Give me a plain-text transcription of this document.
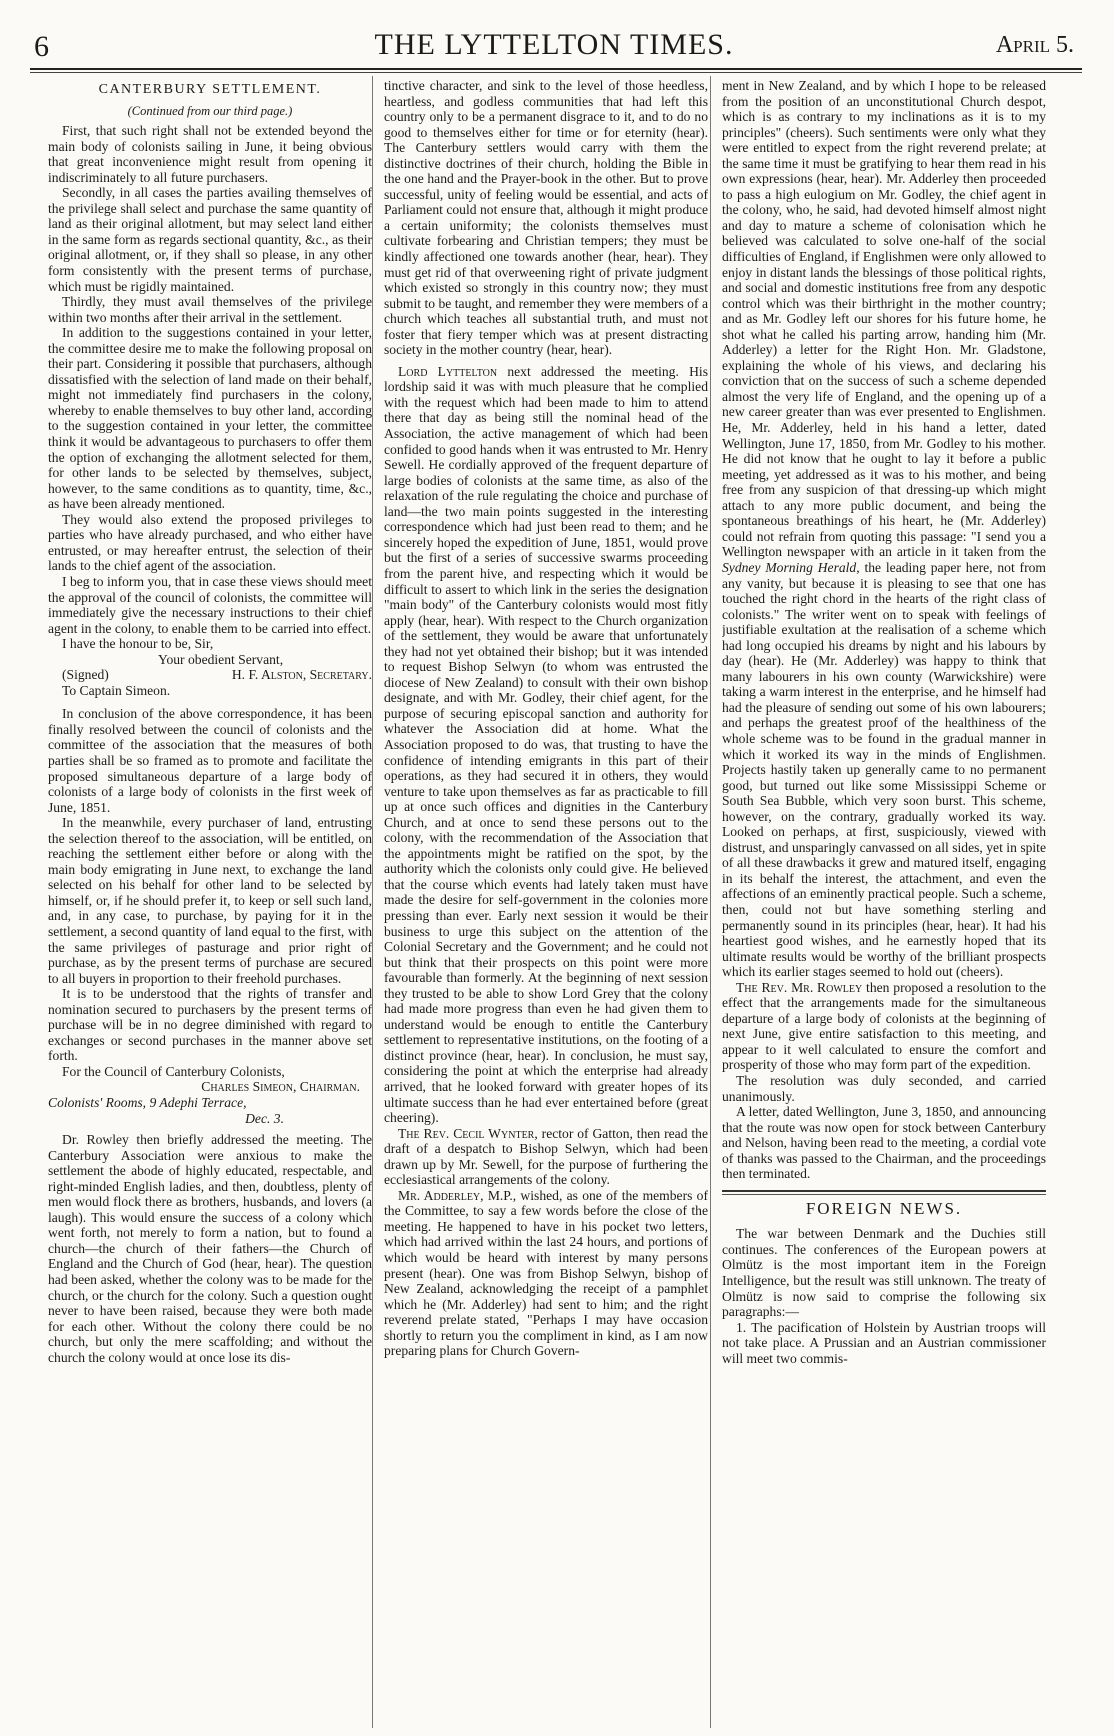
6	THE LYTTELTON TIMES.	April 5.
CANTERBURY SETTLEMENT.
(Continued from our third page.)

First, that such right shall not be extended beyond the main body of colonists sailing in June, it being obvious that great inconvenience might result from opening it indiscriminately to all future purchasers.

Secondly, in all cases the parties availing themselves of the privilege shall select and purchase the same quantity of land as their original allotment, but may select land either in the same form as regards sectional quantity, &c., as their original allotment, or, if they shall so please, in any other form consistently with the present terms of purchase, which must be rigidly maintained.

Thirdly, they must avail themselves of the privilege within two months after their arrival in the settlement.

In addition to the suggestions contained in your letter, the committee desire me to make the following proposal on their part. Considering it possible that purchasers, although dissatisfied with the selection of land made on their behalf, might not immediately find purchasers in the colony, whereby to enable themselves to buy other land, according to the suggestion contained in your letter, the committee think it would be advantageous to purchasers to offer them the option of exchanging the allotment selected for them, for other lands to be selected by themselves, subject, however, to the same conditions as to quantity, time, &c., as have been already mentioned.

They would also extend the proposed privileges to parties who have already purchased, and who either have entrusted, or may hereafter entrust, the selection of their lands to the chief agent of the association.

I beg to inform you, that in case these views should meet the approval of the council of colonists, the committee will immediately give the necessary instructions to their chief agent in the colony, to enable them to be carried into effect.

I have the honour to be, Sir,
Your obedient Servant,
(Signed)	H. F. Alston, Secretary.
To Captain Simeon.

In conclusion of the above correspondence, it has been finally resolved between the council of colonists and the committee of the association that the measures of both parties shall be so framed as to promote and facilitate the proposed simultaneous departure of a large body of colonists of a large body of colonists in the first week of June, 1851.

In the meanwhile, every purchaser of land, entrusting the selection thereof to the association, will be entitled, on reaching the settlement either before or along with the main body emigrating in June next, to exchange the land selected on his behalf for other land to be selected by himself, or, if he should prefer it, to keep or sell such land, and, in any case, to purchase, by paying for it in the settlement, a second quantity of land equal to the first, with the same privileges of pasturage and prior right of purchase, as by the present terms of purchase are secured to all buyers in proportion to their freehold purchases.

It is to be understood that the rights of transfer and nomination secured to purchasers by the present terms of purchase will be in no degree diminished with regard to exchanges or second purchases in the manner above set forth.

For the Council of Canterbury Colonists,
Charles Simeon, Chairman.
Colonists' Rooms, 9 Adephi Terrace,
Dec. 3.

Dr. Rowley then briefly addressed the meeting. The Canterbury Association were anxious to make the settlement the abode of highly educated, respectable, and right-minded English ladies, and then, doubtless, plenty of men would flock there as brothers, husbands, and lovers (a laugh). This would ensure the success of a colony which went forth, not merely to form a nation, but to found a church—the church of their fathers—the Church of England and the Church of God (hear, hear). The question had been asked, whether the colony was to be made for the church, or the church for the colony. Such a question ought never to have been raised, because they were both made for each other. Without the colony there could be no church, but only the mere scaffolding; and without the church the colony would at once lose its dis-

tinctive character, and sink to the level of those heedless, heartless, and godless communities that had left this country only to be a permanent disgrace to it, and to do no good to themselves either for time or for eternity (hear). The Canterbury settlers would carry with them the distinctive doctrines of their church, holding the Bible in the one hand and the Prayer-book in the other. But to prove successful, unity of feeling would be essential, and acts of Parliament could not ensure that, although it might produce a certain uniformity; the colonists themselves must cultivate forbearing and Christian tempers; they must be kindly affectioned one towards another (hear, hear). They must get rid of that overweening right of private judgment which existed so strongly in this country now; they must submit to be taught, and remember they were members of a church which teaches all substantial truth, and must not foster that fiery temper which was at present distracting society in the mother country (hear, hear).

Lord Lyttelton next addressed the meeting. His lordship said it was with much pleasure that he complied with the request which had been made to him to attend there that day as being still the nominal head of the Association, the active management of which had been confided to good hands when it was entrusted to Mr. Henry Sewell. He cordially approved of the frequent departure of large bodies of colonists at the same time, as also of the relaxation of the rule regulating the choice and purchase of land—the two main points suggested in the interesting correspondence which had just been read to them; and he sincerely hoped the expedition of June, 1851, would prove but the first of a series of successive swarms proceeding from the parent hive, and respecting which it would be difficult to assert to which link in the series the designation "main body" of the Canterbury colonists would most fitly apply (hear, hear). With respect to the Church organization of the settlement, they would be aware that unfortunately they had not yet obtained their bishop; but it was intended to request Bishop Selwyn (to whom was entrusted the diocese of New Zealand) to consult with their own bishop designate, and with Mr. Godley, their chief agent, for the purpose of securing episcopal sanction and authority for whatever the Association did at home. What the Association proposed to do was, that trusting to have the confidence of intending emigrants in this part of their operations, as they had secured it in others, they would venture to take upon themselves as far as practicable to fill up at once such offices and dignities in the Canterbury Church, and at once to send these persons out to the colony, with the recommendation of the Association that the appointments might be ratified on the spot, by the authority which the colonists only could give. He believed that the course which events had lately taken must have made the desire for self-government in the colonies more pressing than ever. Early next session it would be their business to urge this subject on the attention of the Colonial Secretary and the Government; and he could not but think that their prospects on this point were more favourable than formerly. At the beginning of next session they trusted to be able to show Lord Grey that the colony had made more progress than even he had given them to understand would be enough to entitle the Canterbury settlement to representative institutions, on the footing of a distinct province (hear, hear). In conclusion, he must say, considering the point at which the enterprise had already arrived, that he looked forward with greater hopes of its ultimate success than he had ever entertained before (great cheering).

The Rev. Cecil Wynter, rector of Gatton, then read the draft of a despatch to Bishop Selwyn, which had been drawn up by Mr. Sewell, for the purpose of furthering the ecclesiastical arrangements of the colony.

Mr. Adderley, M.P., wished, as one of the members of the Committee, to say a few words before the close of the meeting. He happened to have in his pocket two letters, which had arrived within the last 24 hours, and portions of which would be heard with interest by many persons present (hear). One was from Bishop Selwyn, bishop of New Zealand, acknowledging the receipt of a pamphlet which he (Mr. Adderley) had sent to him; and the right reverend prelate stated, "Perhaps I may have occasion shortly to return you the compliment in kind, as I am now preparing plans for Church Govern-

ment in New Zealand, and by which I hope to be released from the position of an unconstitutional Church despot, which is as contrary to my inclinations as it is to my principles" (cheers). Such sentiments were only what they were entitled to expect from the right reverend prelate; at the same time it must be gratifying to hear them read in his own expressions (hear, hear). Mr. Adderley then proceeded to pass a high eulogium on Mr. Godley, the chief agent in the colony, who, he said, had devoted himself almost night and day to mature a scheme of colonisation which he believed was calculated to solve one-half of the social difficulties of England, if Englishmen were only allowed to enjoy in distant lands the blessings of those political rights, and social and domestic institutions free from any despotic control which was their birthright in the mother country; and as Mr. Godley left our shores for his future home, he shot what he called his parting arrow, handing him (Mr. Adderley) a letter for the Right Hon. Mr. Gladstone, explaining the whole of his views, and declaring his conviction that on the success of such a scheme depended almost the very life of England, and the opening up of a new career greater than was ever presented to Englishmen. He, Mr. Adderley, held in his hand a letter, dated Wellington, June 17, 1850, from Mr. Godley to his mother. He did not know that he ought to lay it before a public meeting, yet addressed as it was to his mother, and being free from any suspicion of that dressing-up which might attach to any more public document, and being the spontaneous breathings of his heart, he (Mr. Adderley) could not refrain from quoting this passage: "I send you a Wellington newspaper with an article in it taken from the Sydney Morning Herald, the leading paper here, not from any vanity, but because it is pleasing to see that one has touched the right chord in the hearts of the right class of colonists." The writer went on to speak with feelings of justifiable exultation at the realisation of a scheme which had long occupied his dreams by night and his labours by day (hear). He (Mr. Adderley) was happy to think that many labourers in his own county (Warwickshire) were taking a warm interest in the enterprise, and he himself had had the pleasure of sending out some of his own labourers; and perhaps the greatest proof of the healthiness of the whole scheme was to be found in the gradual manner in which it worked its way in the minds of Englishmen. Projects hastily taken up generally came to no permanent good, but turned out like some Mississippi Scheme or South Sea Bubble, which very soon burst. This scheme, however, on the contrary, gradually worked its way. Looked on perhaps, at first, suspiciously, viewed with distrust, and unsparingly canvassed on all sides, yet in spite of all these drawbacks it grew and matured itself, engaging in its behalf the interest, the attachment, and even the affections of an eminently practical people. Such a scheme, then, could not but have something sterling and permanently sound in its principles (hear, hear). It had his heartiest good wishes, and he earnestly hoped that its ultimate results would be worthy of the brilliant prospects which its earlier stages seemed to hold out (cheers).

The Rev. Mr. Rowley then proposed a resolution to the effect that the arrangements made for the simultaneous departure of a large body of colonists at the beginning of next June, give entire satisfaction to this meeting, and appear to it well calculated to ensure the comfort and prosperity of those who may form part of the expedition.

The resolution was duly seconded, and carried unanimously.

A letter, dated Wellington, June 3, 1850, and announcing that the route was now open for stock between Canterbury and Nelson, having been read to the meeting, a cordial vote of thanks was passed to the Chairman, and the proceedings then terminated.

FOREIGN NEWS.

The war between Denmark and the Duchies still continues. The conferences of the European powers at Olmütz is the most important item in the Foreign Intelligence, but the result was still unknown. The treaty of Olmütz is now said to comprise the following six paragraphs:—

1. The pacification of Holstein by Austrian troops will not take place. A Prussian and an Austrian commissioner will meet two commis-
